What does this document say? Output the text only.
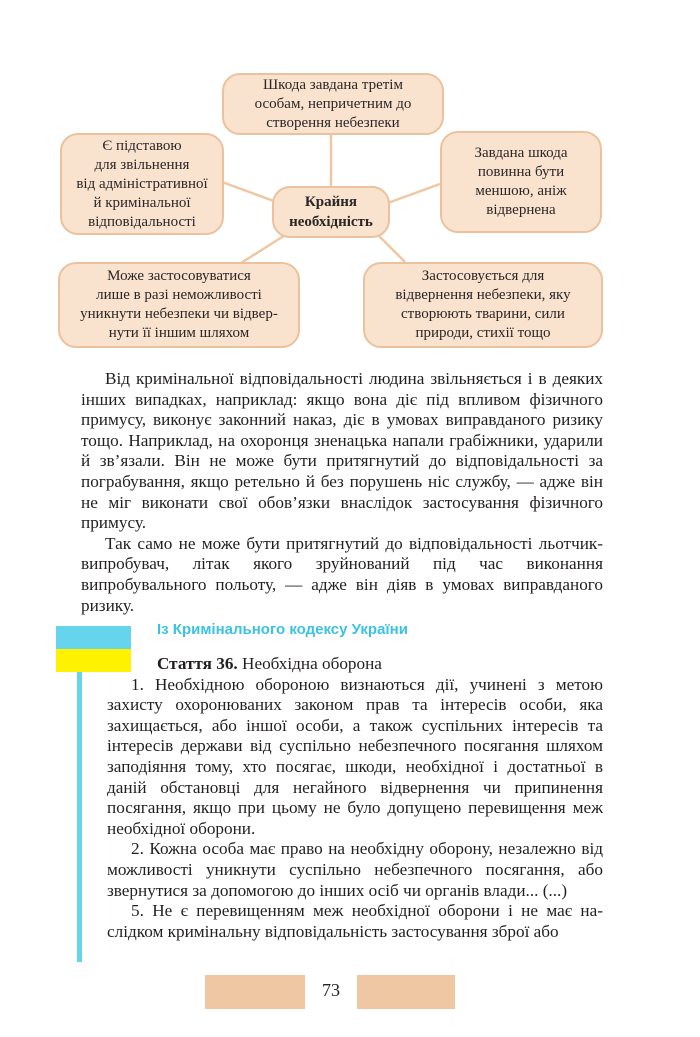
Шкода завдана третім
особам, непричетним до
створення небезпеки
Є підставою
для звільнення
від адміністративної
й кримінальної
відповідальності
Завдана шкода
повинна бути
меншою, аніж
відвернена
Крайня
необхідність
Може застосовуватися
лише в разі неможливості
уникнути небезпеки чи відвер-
нути її іншим шляхом
Застосовується для
відвернення небезпеки, яку
створюють тварини, сили
природи, стихії тощо

Від кримінальної відповідальності людина звільняється і в деяких інших випадках, наприклад: якщо вона діє під впливом фізичного примусу, виконує законний наказ, діє в умовах виправданого ризику тощо. Наприклад, на охоронця зненацька напали грабіжники, ударили й зв’язали. Він не може бути притягнутий до відповідальності за пограбування, якщо ретельно й без порушень ніс службу, — адже він не міг виконати свої обов’язки внаслідок застосування фізичного примусу.

Так само не може бути притягнутий до відповідальності льотчик-випробувач, літак якого зруйнований під час виконання випробувального польоту, — адже він діяв в умовах виправданого ризику.

Із Кримінального кодексу України

Стаття 36. Необхідна оборона

1. Необхідною обороною визнаються дії, учинені з метою захисту охоронюваних законом прав та інтересів особи, яка захищається, або іншої особи, а також суспільних інтересів та інтересів держави від суспільно небезпечного посягання шляхом заподіяння тому, хто посягає, шкоди, необхідної і достатньої в даній обстановці для негайного відвернення чи припинення посягання, якщо при цьому не було допущено перевищення меж необхідної оборони.

2. Кожна особа має право на необхідну оборону, незалежно від можливості уникнути суспільно небезпечного посягання, або звернутися за допомогою до інших осіб чи органів влади... (...)

5. Не є перевищенням меж необхідної оборони і не має наслідком кримінальну відповідальність застосування зброї або

73
